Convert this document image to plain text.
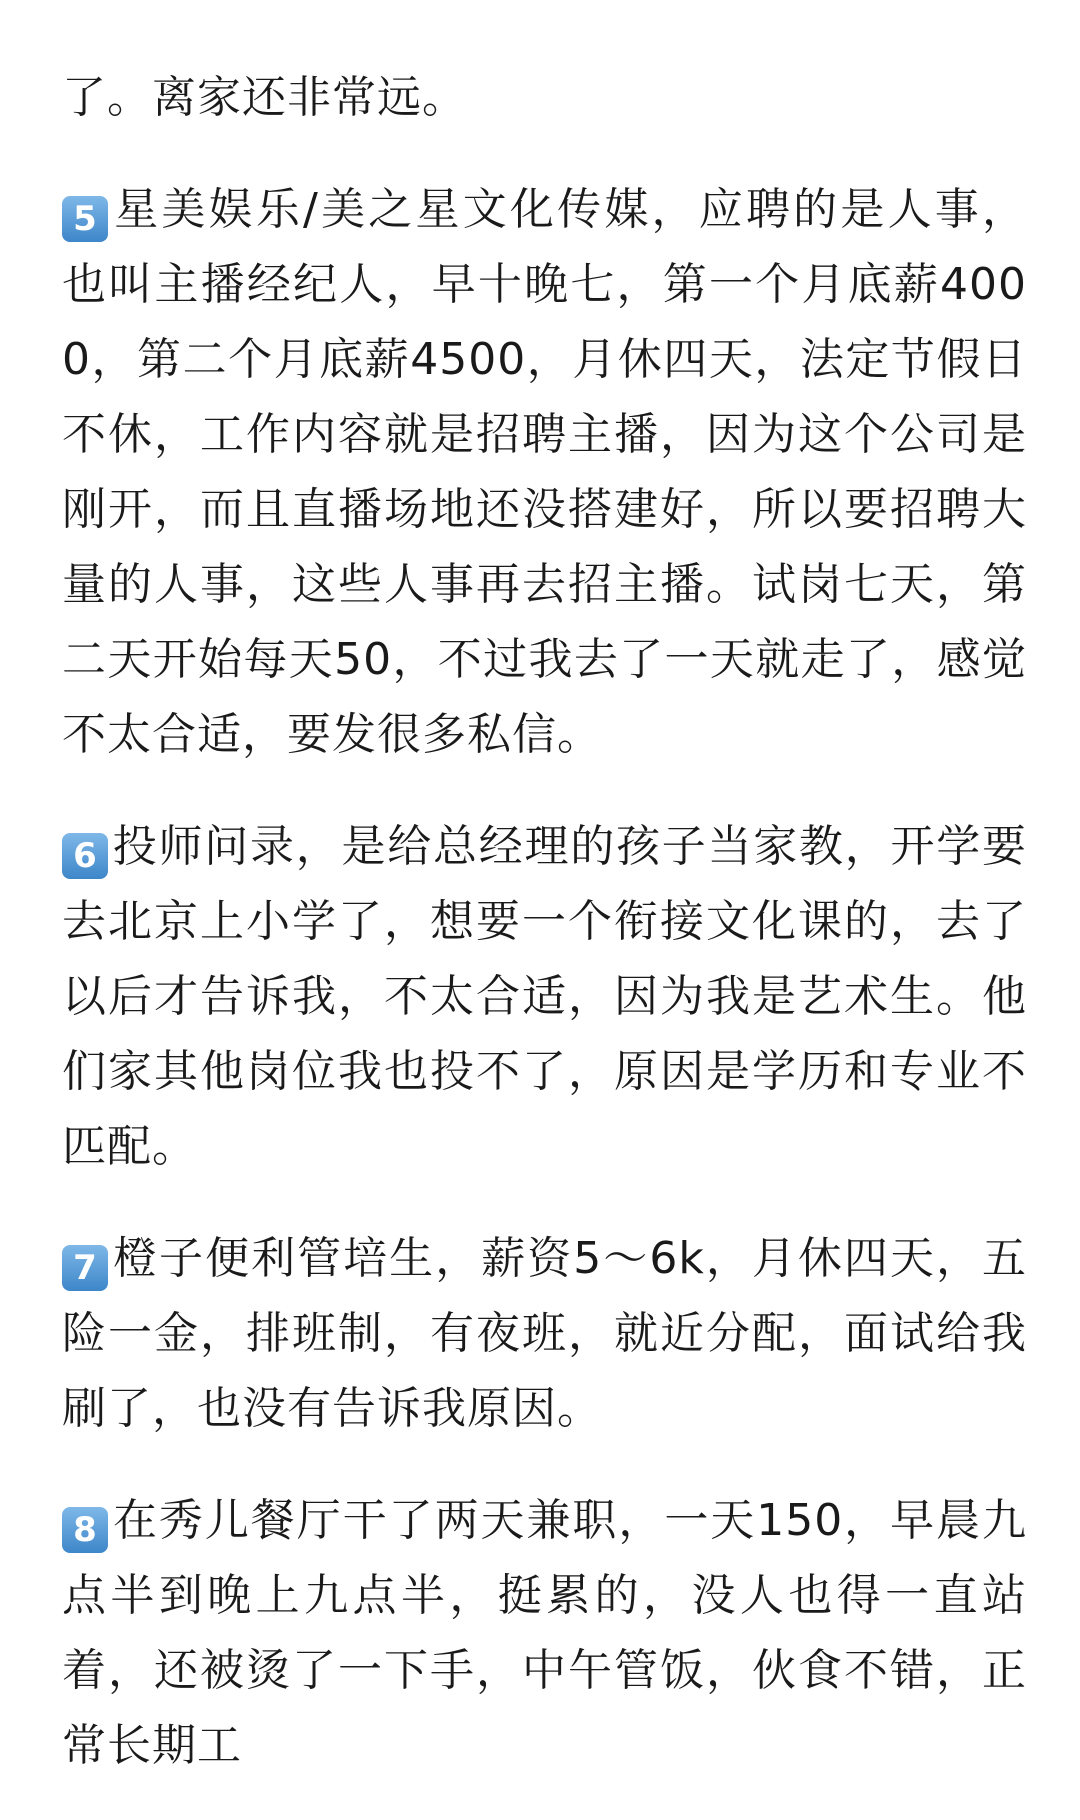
了。离家还非常远。

5 星美娱乐/美之星文化传媒，应聘的是人事，也叫主播经纪人，早十晚七，第一个月底薪4000，第二个月底薪4500，月休四天，法定节假日不休，工作内容就是招聘主播，因为这个公司是刚开，而且直播场地还没搭建好，所以要招聘大量的人事，这些人事再去招主播。试岗七天，第二天开始每天50，不过我去了一天就走了，感觉不太合适，要发很多私信。

6 投师问录，是给总经理的孩子当家教，开学要去北京上小学了，想要一个衔接文化课的，去了以后才告诉我，不太合适，因为我是艺术生。他们家其他岗位我也投不了，原因是学历和专业不匹配。

7 橙子便利管培生，薪资5～6k，月休四天，五险一金，排班制，有夜班，就近分配，面试给我刷了，也没有告诉我原因。

8 在秀儿餐厅干了两天兼职，一天150，早晨九点半到晚上九点半，挺累的，没人也得一直站着，还被烫了一下手，中午管饭，伙食不错，正常长期工
